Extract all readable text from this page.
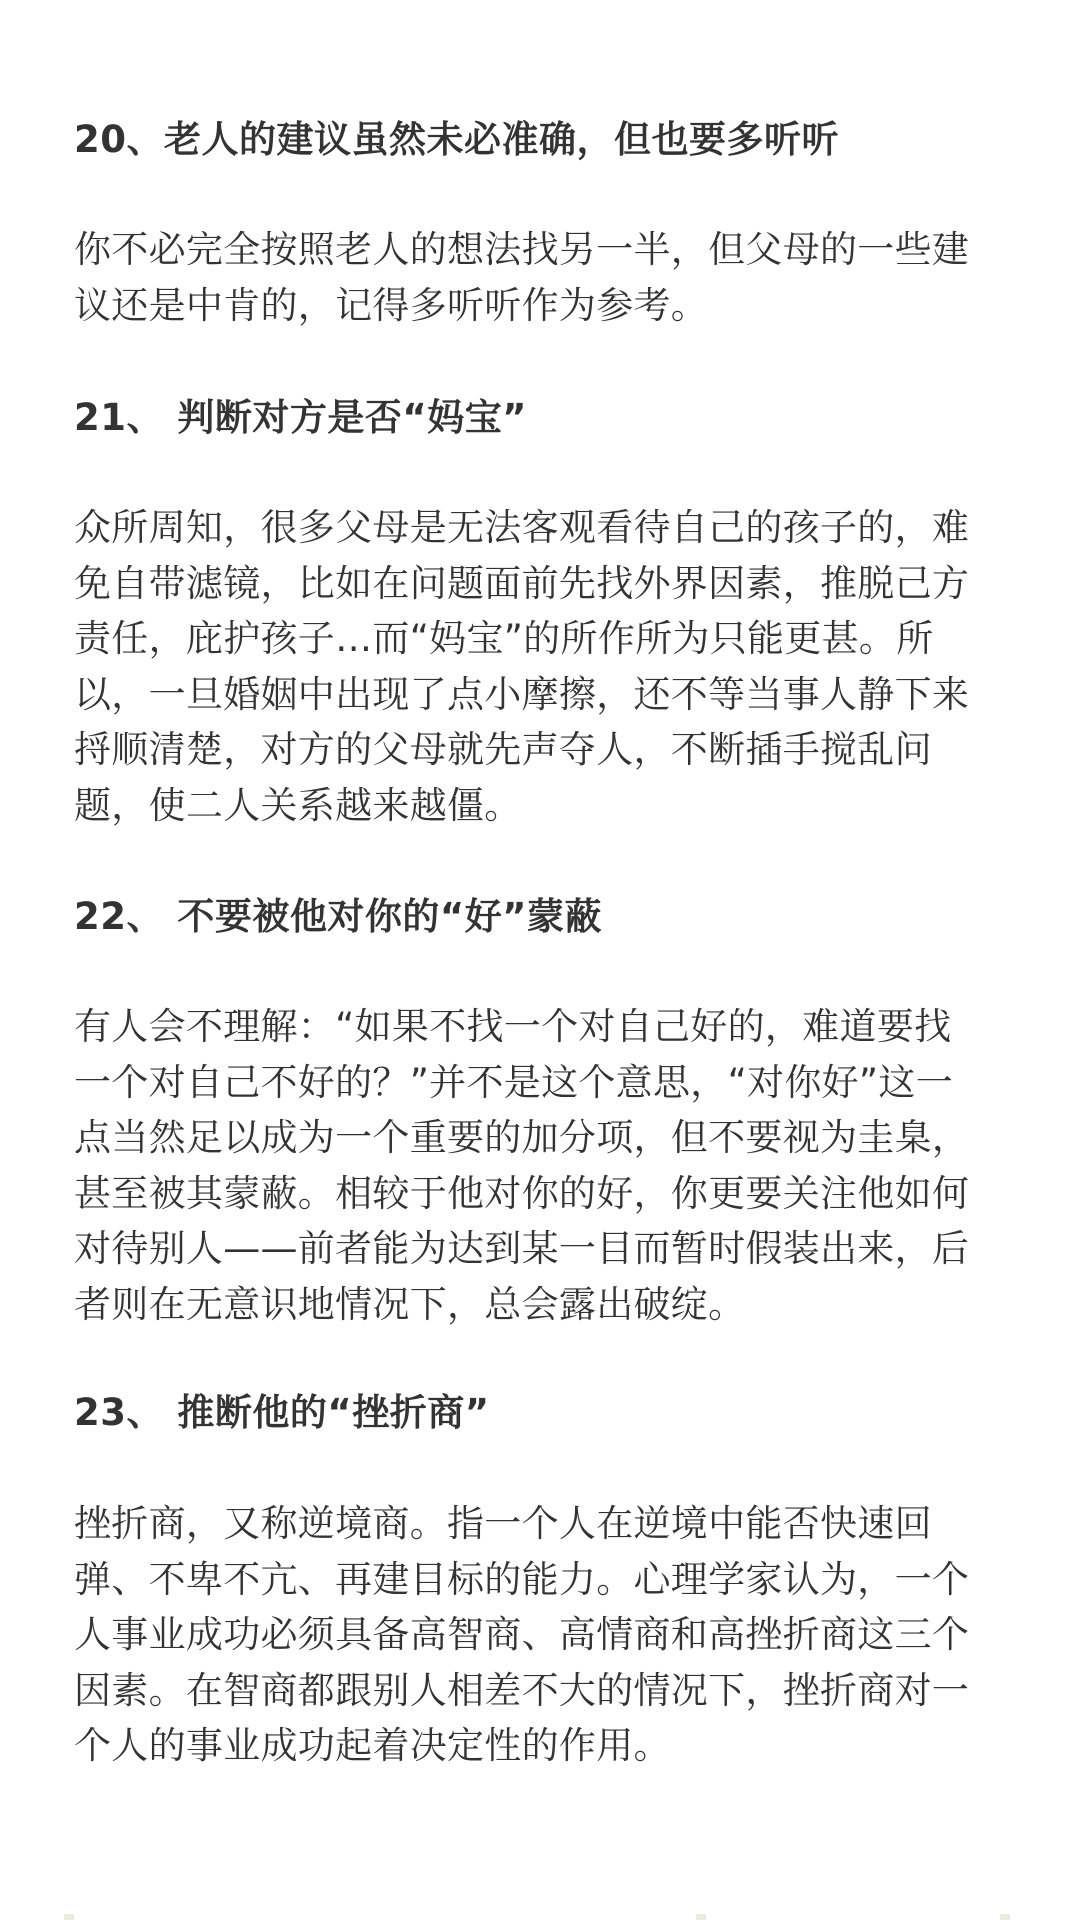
20、老人的建议虽然未必准确，但也要多听听
你不必完全按照老人的想法找另一半，但父母的一些建
议还是中肯的，记得多听听作为参考。
21、 判断对方是否“妈宝”
众所周知，很多父母是无法客观看待自己的孩子的，难
免自带滤镜，比如在问题面前先找外界因素，推脱己方
责任，庇护孩子…而“妈宝”的所作所为只能更甚。所
以，一旦婚姻中出现了点小摩擦，还不等当事人静下来
捋顺清楚，对方的父母就先声夺人，不断插手搅乱问
题，使二人关系越来越僵。
22、 不要被他对你的“好”蒙蔽
有人会不理解：“如果不找一个对自己好的，难道要找
一个对自己不好的？”并不是这个意思，“对你好”这一
点当然足以成为一个重要的加分项，但不要视为圭臬，
甚至被其蒙蔽。相较于他对你的好，你更要关注他如何
对待别人——前者能为达到某一目而暂时假装出来，后
者则在无意识地情况下，总会露出破绽。
23、 推断他的“挫折商”
挫折商，又称逆境商。指一个人在逆境中能否快速回
弹、不卑不亢、再建目标的能力。心理学家认为，一个
人事业成功必须具备高智商、高情商和高挫折商这三个
因素。在智商都跟别人相差不大的情况下，挫折商对一
个人的事业成功起着决定性的作用。
